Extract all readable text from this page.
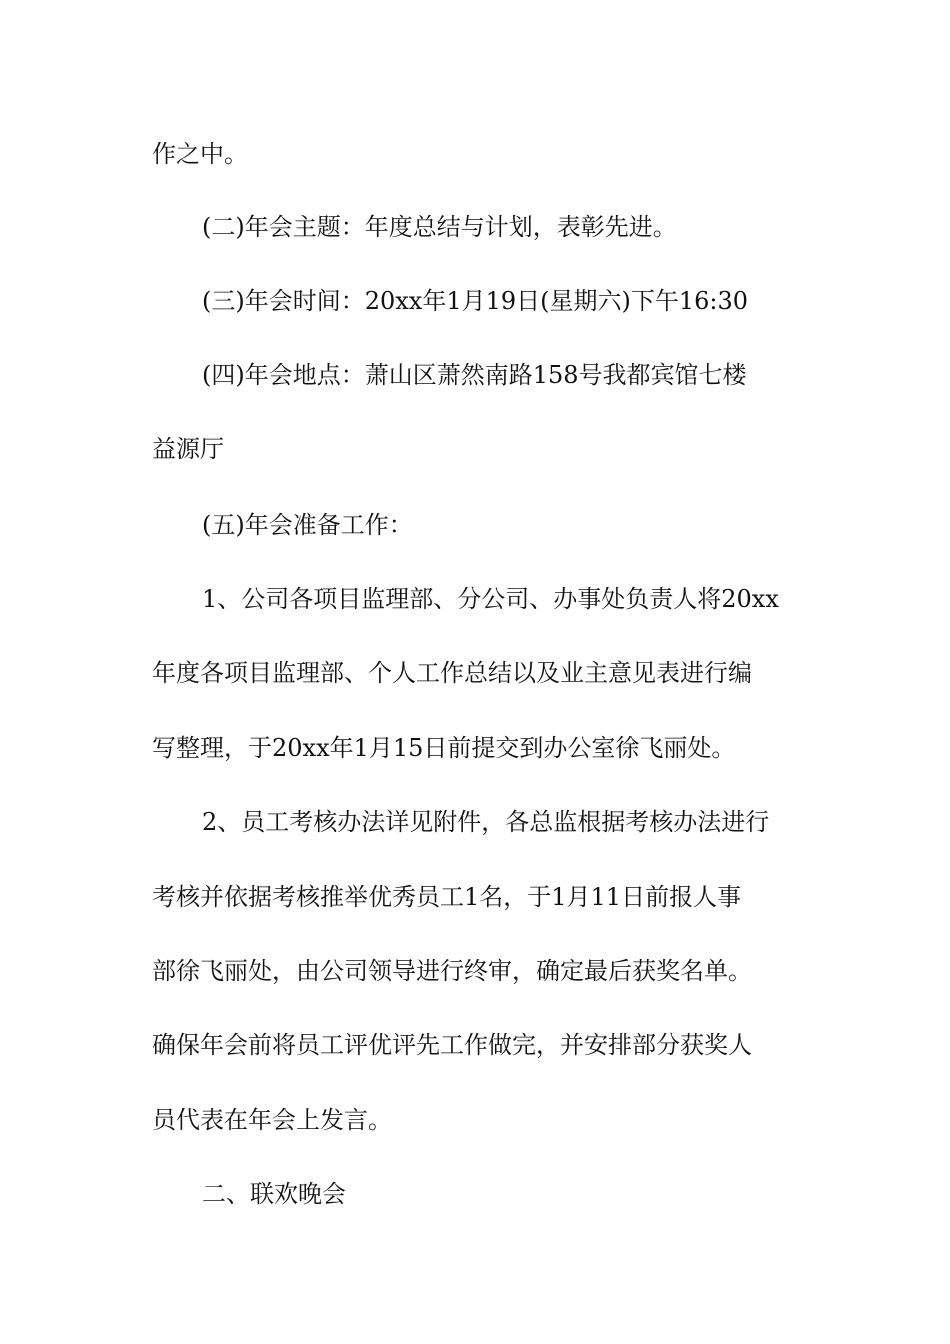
作之中。
(二)年会主题：年度总结与计划，表彰先进。
(三)年会时间：20xx年1月19日(星期六)下午16:30
(四)年会地点：萧山区萧然南路158号我都宾馆七楼
益源厅
(五)年会准备工作：
1、公司各项目监理部、分公司、办事处负责人将20xx
年度各项目监理部、个人工作总结以及业主意见表进行编
写整理，于20xx年1月15日前提交到办公室徐飞丽处。
2、员工考核办法详见附件，各总监根据考核办法进行
考核并依据考核推举优秀员工1名，于1月11日前报人事
部徐飞丽处，由公司领导进行终审，确定最后获奖名单。
确保年会前将员工评优评先工作做完，并安排部分获奖人
员代表在年会上发言。
二、联欢晚会
